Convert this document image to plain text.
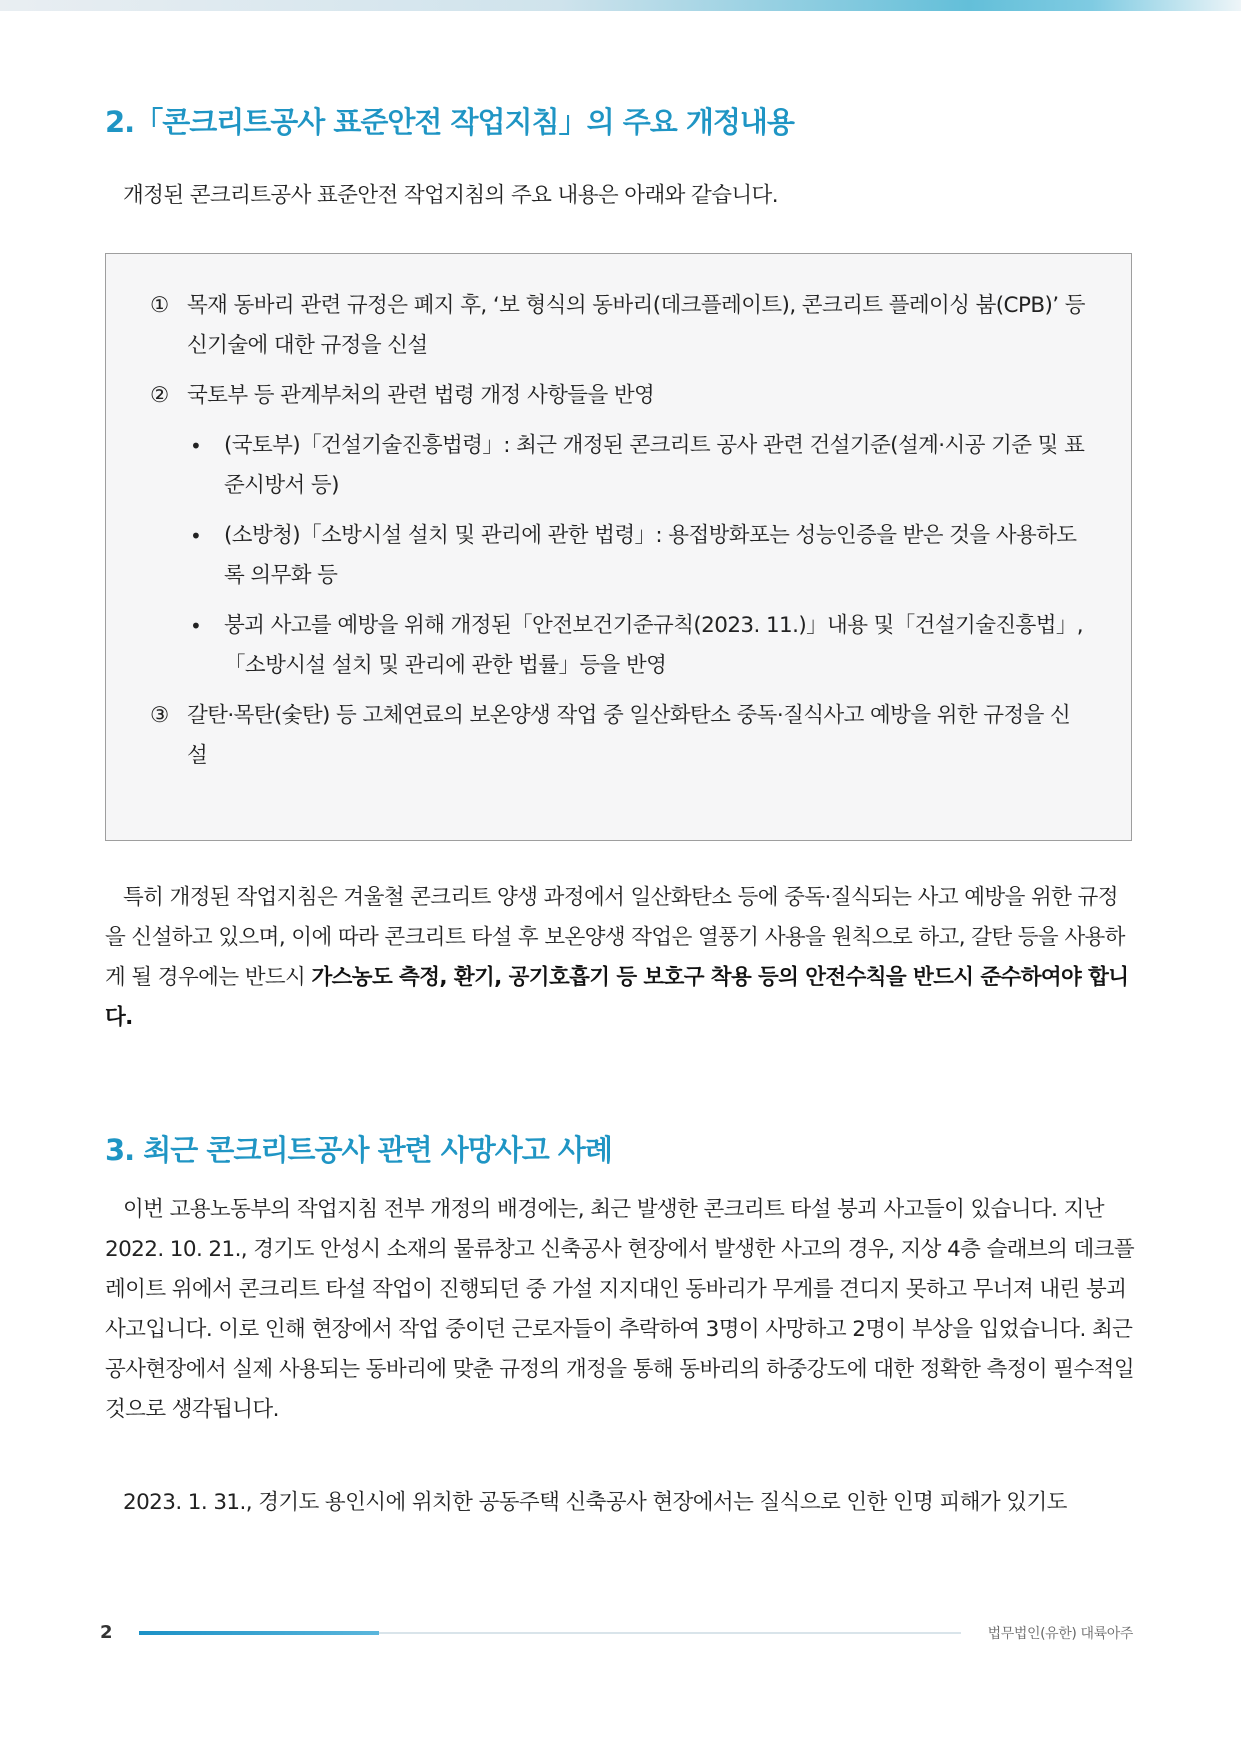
2.「콘크리트공사 표준안전 작업지침」의 주요 개정내용

개정된 콘크리트공사 표준안전 작업지침의 주요 내용은 아래와 같습니다.

① 목재 동바리 관련 규정은 폐지 후, ‘보 형식의 동바리(데크플레이트), 콘크리트 플레이싱 붐(CPB)’ 등 신기술에 대한 규정을 신설
② 국토부 등 관계부처의 관련 법령 개정 사항들을 반영
• (국토부)「건설기술진흥법령」: 최근 개정된 콘크리트 공사 관련 건설기준(설계·시공 기준 및 표준시방서 등)
• (소방청)「소방시설 설치 및 관리에 관한 법령」: 용접방화포는 성능인증을 받은 것을 사용하도록 의무화 등
• 붕괴 사고를 예방을 위해 개정된「안전보건기준규칙(2023. 11.)」내용 및「건설기술진흥법」,「소방시설 설치 및 관리에 관한 법률」등을 반영
③ 갈탄·목탄(숯탄) 등 고체연료의 보온양생 작업 중 일산화탄소 중독·질식사고 예방을 위한 규정을 신설

특히 개정된 작업지침은 겨울철 콘크리트 양생 과정에서 일산화탄소 등에 중독·질식되는 사고 예방을 위한 규정을 신설하고 있으며, 이에 따라 콘크리트 타설 후 보온양생 작업은 열풍기 사용을 원칙으로 하고, 갈탄 등을 사용하게 될 경우에는 반드시 가스농도 측정, 환기, 공기호흡기 등 보호구 착용 등의 안전수칙을 반드시 준수하여야 합니다.

3. 최근 콘크리트공사 관련 사망사고 사례

이번 고용노동부의 작업지침 전부 개정의 배경에는, 최근 발생한 콘크리트 타설 붕괴 사고들이 있습니다. 지난 2022. 10. 21., 경기도 안성시 소재의 물류창고 신축공사 현장에서 발생한 사고의 경우, 지상 4층 슬래브의 데크플레이트 위에서 콘크리트 타설 작업이 진행되던 중 가설 지지대인 동바리가 무게를 견디지 못하고 무너져 내린 붕괴사고입니다. 이로 인해 현장에서 작업 중이던 근로자들이 추락하여 3명이 사망하고 2명이 부상을 입었습니다. 최근 공사현장에서 실제 사용되는 동바리에 맞춘 규정의 개정을 통해 동바리의 하중강도에 대한 정확한 측정이 필수적일 것으로 생각됩니다.

2023. 1. 31., 경기도 용인시에 위치한 공동주택 신축공사 현장에서는 질식으로 인한 인명 피해가 있기도

2	법무법인(유한) 대륙아주
